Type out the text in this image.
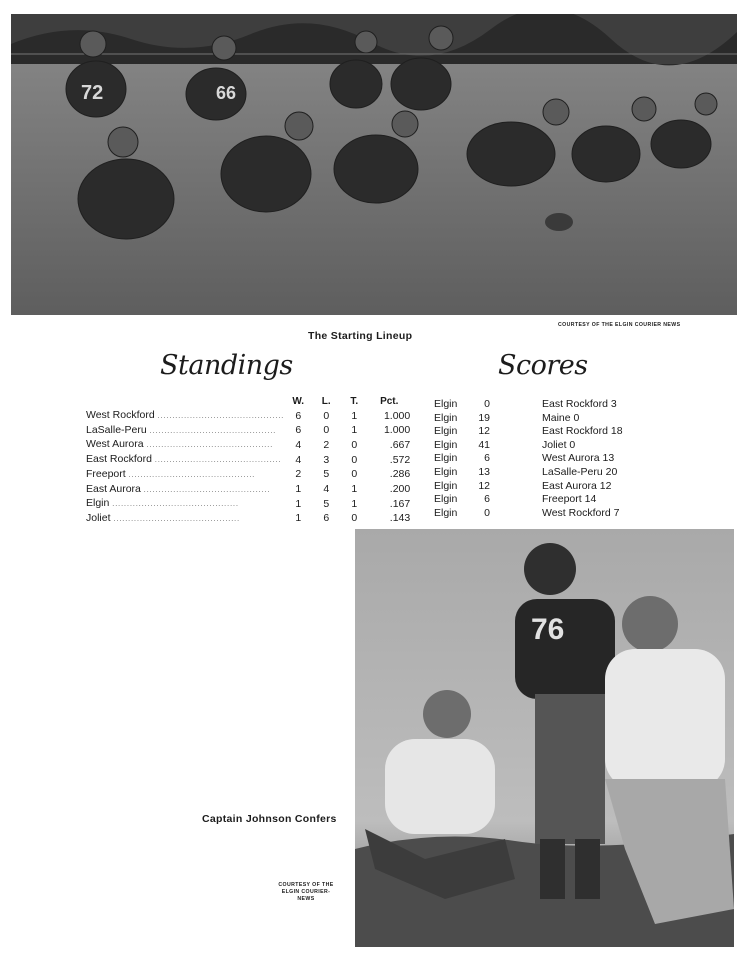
72	66
The Starting Lineup
COURTESY OF THE ELGIN COURIER NEWS
Standings
	W.	L.	T.	Pct.
West Rockford ...........................................	6	0	1	1.000
LaSalle-Peru ...........................................	6	0	1	1.000
West Aurora ...........................................	4	2	0	.667
East Rockford ...........................................	4	3	0	.572
Freeport ...........................................	2	5	0	.286
East Aurora ...........................................	1	4	1	.200
Elgin ...........................................	1	5	1	.167
Joliet ...........................................	1	6	0	.143
Scores
Elgin	0		East Rockford 3
Elgin	19		Maine 0
Elgin	12		East Rockford 18
Elgin	41		Joliet 0
Elgin	6		West Aurora 13
Elgin	13		LaSalle-Peru 20
Elgin	12		East Aurora 12
Elgin	6		Freeport 14
Elgin	0		West Rockford 7
76
Captain Johnson Confers
COURTESY OF THE
ELGIN COURIER-NEWS
